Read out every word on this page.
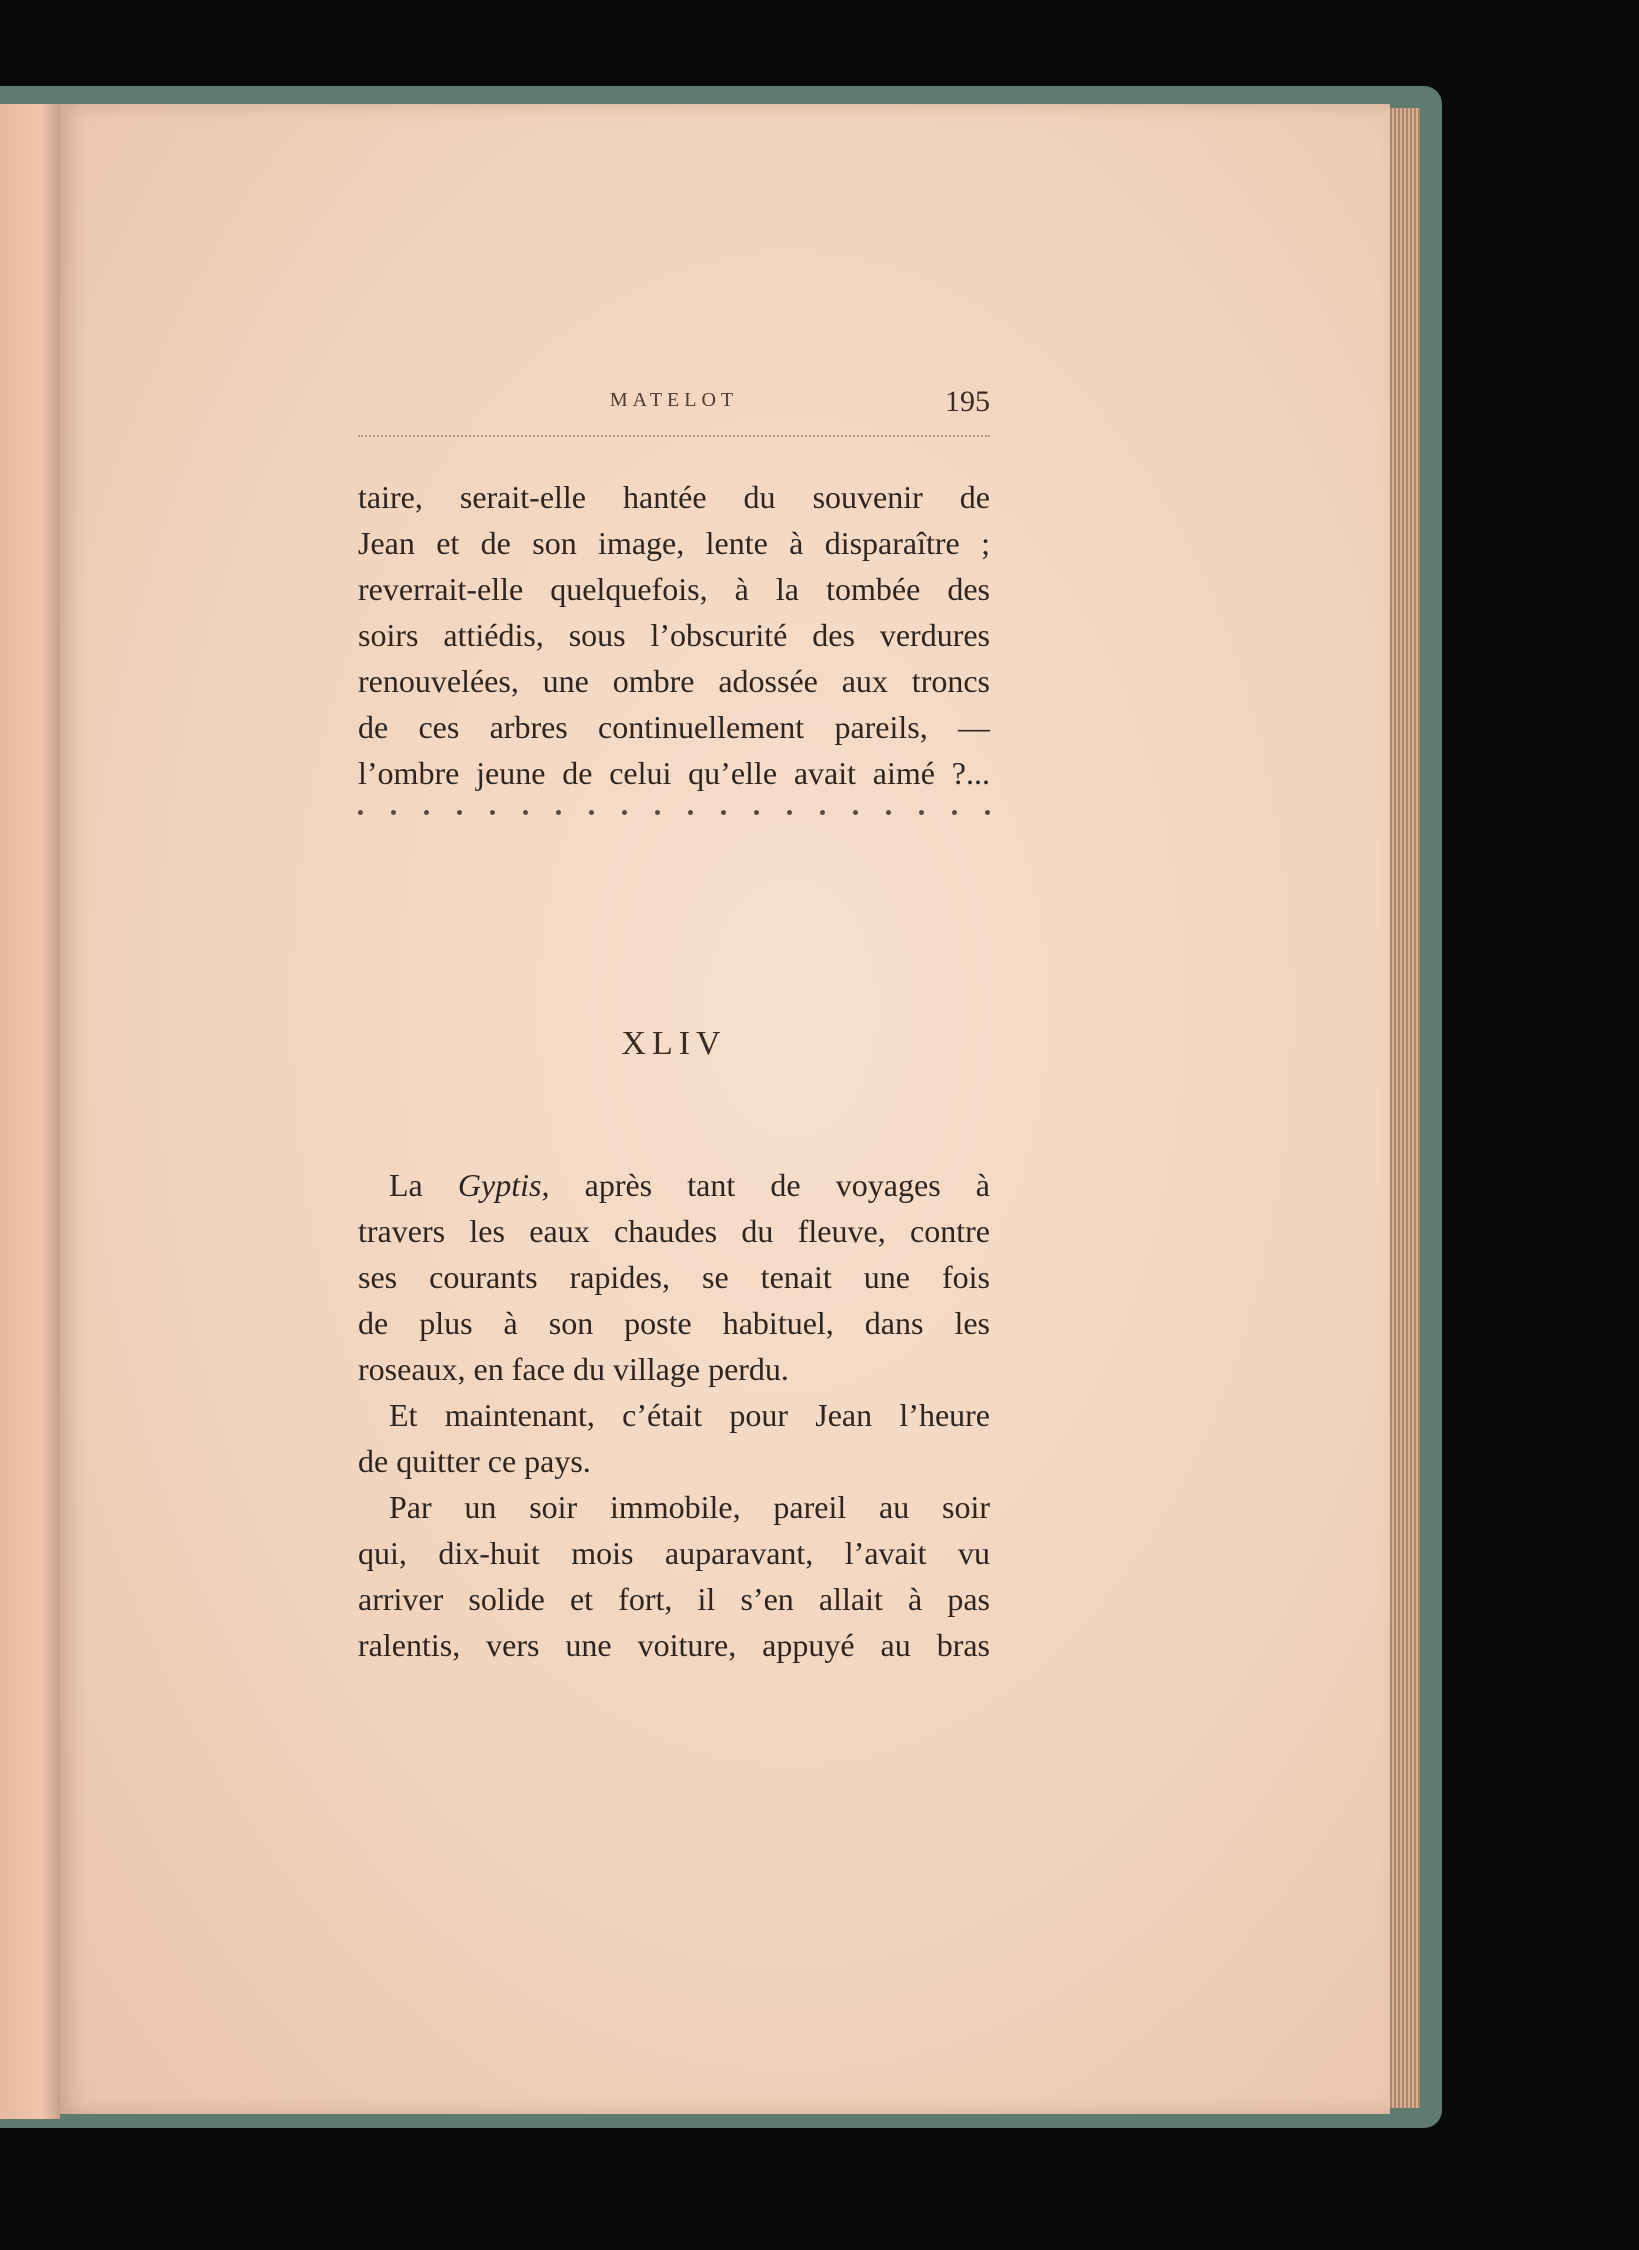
MATELOT	195
taire, serait-elle hantée du souvenir de
Jean et de son image, lente à disparaître ;
reverrait-elle quelquefois, à la tombée des
soirs attiédis, sous l’obscurité des verdures
renouvelées, une ombre adossée aux troncs
de ces arbres continuellement pareils, —
l’ombre jeune de celui qu’elle avait aimé ?...
XLIV
La Gyptis, après tant de voyages à
travers les eaux chaudes du fleuve, contre
ses courants rapides, se tenait une fois
de plus à son poste habituel, dans les
roseaux, en face du village perdu.
Et maintenant, c’était pour Jean l’heure
de quitter ce pays.
Par un soir immobile, pareil au soir
qui, dix-huit mois auparavant, l’avait vu
arriver solide et fort, il s’en allait à pas
ralentis, vers une voiture, appuyé au bras
